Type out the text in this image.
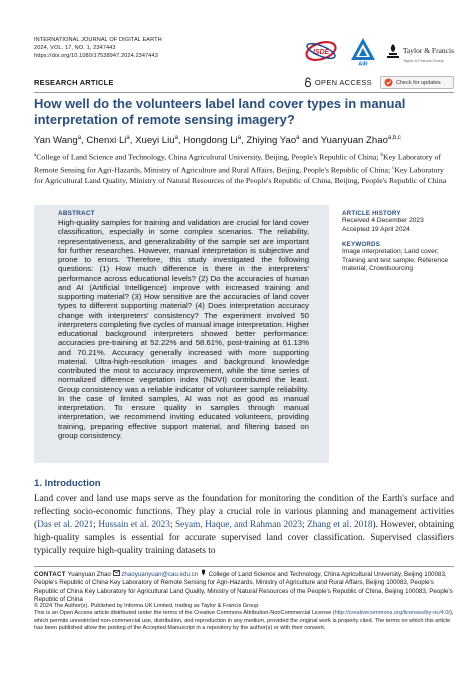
INTERNATIONAL JOURNAL OF DIGITAL EARTH
2024, VOL. 17, NO. 1, 2347443
https://doi.org/10.1080/17538947.2024.2347443	ISDE
AIR
Taylor & Francis
Taylor & Francis Group
RESEARCH ARTICLE	OPEN ACCESS	Check for updates
How well do the volunteers label land cover types in manual interpretation of remote sensing imagery?
Yan Wang$^a$, Chenxi Li$^a$, Xueyi Liu$^a$, Hongdong Li$^a$, Zhiying Yao$^a$ and Yuanyuan Zhao$^{a,b,c}$
$^a$College of Land Science and Technology, China Agricultural University, Beijing, People's Republic of China; $^b$Key Laboratory of Remote Sensing for Agri-Hazards, Ministry of Agriculture and Rural Affairs, Beijing, People's Republic of China; $^c$Key Laboratory for Agricultural Land Quality, Ministry of Natural Resources of the People's Republic of China, Beijing, People's Republic of China
ABSTRACT
High-quality samples for training and validation are crucial for land cover classification, especially in some complex scenarios. The reliability, representativeness, and generalizability of the sample set are important for further researches. However, manual interpretation is subjective and prone to errors. Therefore, this study investigated the following questions: (1) How much difference is there in the interpreters' performance across educational levels? (2) Do the accuracies of human and AI (Artificial Intelligence) improve with increased training and supporting material? (3) How sensitive are the accuracies of land cover types to different supporting material? (4) Does interpretation accuracy change with interpreters' consistency? The experiment involved 50 interpreters completing five cycles of manual image interpretation. Higher educational background interpreters showed better performance: accuracies pre-training at 52.22% and 58.61%, post-training at 61.13% and 70.21%. Accuracy generally increased with more supporting material. Ultra-high-resolution images and background knowledge contributed the most to accuracy improvement, while the time series of normalized difference vegetation index (NDVI) contributed the least. Group consistency was a reliable indicator of volunteer sample reliability. In the case of limited samples, AI was not as good as manual interpretation. To ensure quality in samples through manual interpretation, we recommend inviting educated volunteers, providing training, preparing effective support material, and filtering based on group consistency.
ARTICLE HISTORY
Received 4 December 2023
Accepted 19 April 2024
KEYWORDS
Image interpretation; Land cover; Training and test sample; Reference material; Crowdsourcing
1. Introduction
Land cover and land use maps serve as the foundation for monitoring the condition of the Earth's surface and reflecting socio-economic functions. They play a crucial role in various planning and management activities (Das et al. 2021; Hussain et al. 2023; Seyam, Haque, and Rahman 2023; Zhang et al. 2018). However, obtaining high-quality samples is essential for accurate supervised land cover classification. Supervised classifiers typically require high-quality training datasets to
CONTACT Yuanyuan Zhao zhaoyuanyuan@cau.edu.cn College of Land Science and Technology, China Agricultural University, Beijing 100083, People's Republic of China Key Laboratory of Remote Sensing for Agri-Hazards, Ministry of Agriculture and Rural Affairs, Beijing 100083, People's Republic of China Key Laboratory for Agricultural Land Quality, Ministry of Natural Resources of the People's Republic of China, Beijing 100083, People's Republic of China
© 2024 The Author(s). Published by Informa UK Limited, trading as Taylor & Francis Group
This is an Open Access article distributed under the terms of the Creative Commons Attribution-NonCommercial License (http://creativecommons.org/licenses/by-nc/4.0/), which permits unrestricted non-commercial use, distribution, and reproduction in any medium, provided the original work is properly cited. The terms on which this article has been published allow the posting of the Accepted Manuscript in a repository by the author(s) or with their consent.
